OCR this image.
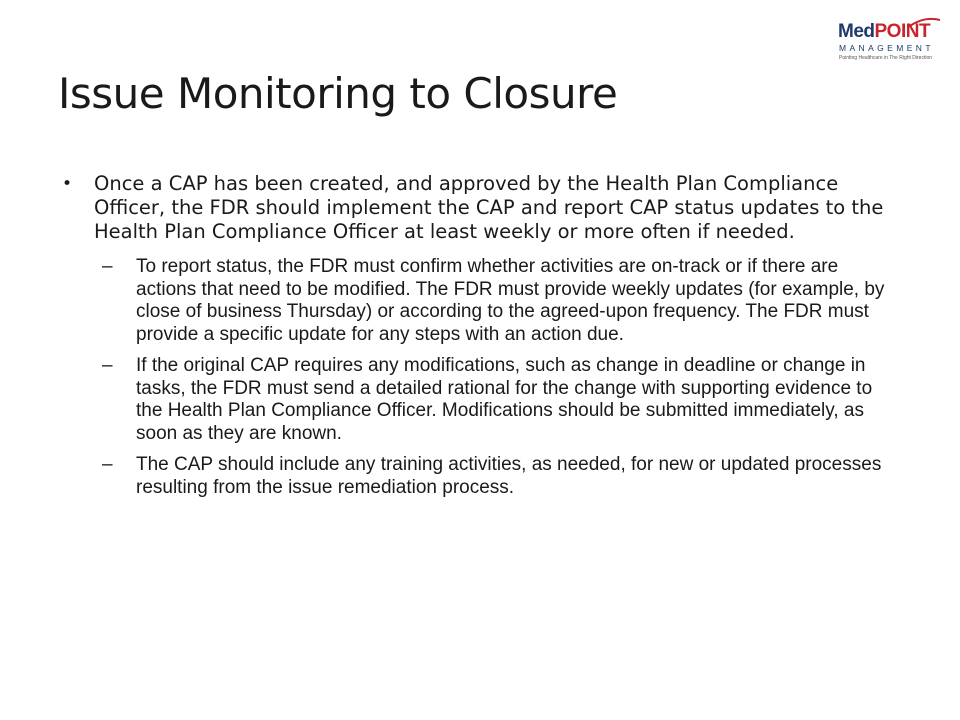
MedPOINT
MANAGEMENT
Pointing Healthcare in The Right Direction
Issue Monitoring to Closure
• Once a CAP has been created, and approved by the Health Plan Compliance Officer, the FDR should implement the CAP and report CAP status updates to the Health Plan Compliance Officer at least weekly or more often if needed.
– To report status, the FDR must confirm whether activities are on-track or if there are actions that need to be modified. The FDR must provide weekly updates (for example, by close of business Thursday) or according to the agreed-upon frequency. The FDR must provide a specific update for any steps with an action due.
– If the original CAP requires any modifications, such as change in deadline or change in tasks, the FDR must send a detailed rational for the change with supporting evidence to the Health Plan Compliance Officer. Modifications should be submitted immediately, as soon as they are known.
– The CAP should include any training activities, as needed, for new or updated processes resulting from the issue remediation process.
